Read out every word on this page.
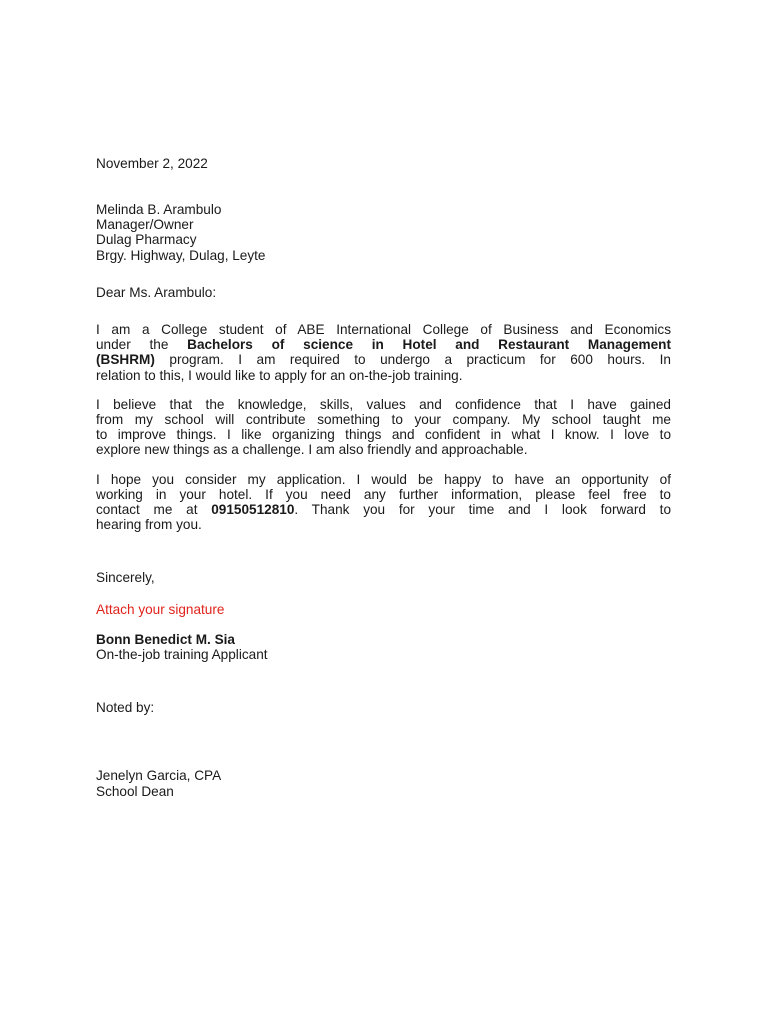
November 2, 2022
Melinda B. Arambulo
Manager/Owner
Dulag Pharmacy
Brgy. Highway, Dulag, Leyte
Dear Ms. Arambulo:
I am a College student of ABE International College of Business and Economics
under the Bachelors of science in Hotel and Restaurant Management
(BSHRM) program. I am required to undergo a practicum for 600 hours. In
relation to this, I would like to apply for an on-the-job training.
I believe that the knowledge, skills, values and confidence that I have gained
from my school will contribute something to your company. My school taught me
to improve things. I like organizing things and confident in what I know. I love to
explore new things as a challenge. I am also friendly and approachable.
I hope you consider my application. I would be happy to have an opportunity of
working in your hotel. If you need any further information, please feel free to
contact me at 09150512810. Thank you for your time and I look forward to
hearing from you.
Sincerely,
Attach your signature
Bonn Benedict M. Sia
On-the-job training Applicant
Noted by:
Jenelyn Garcia, CPA
School Dean
